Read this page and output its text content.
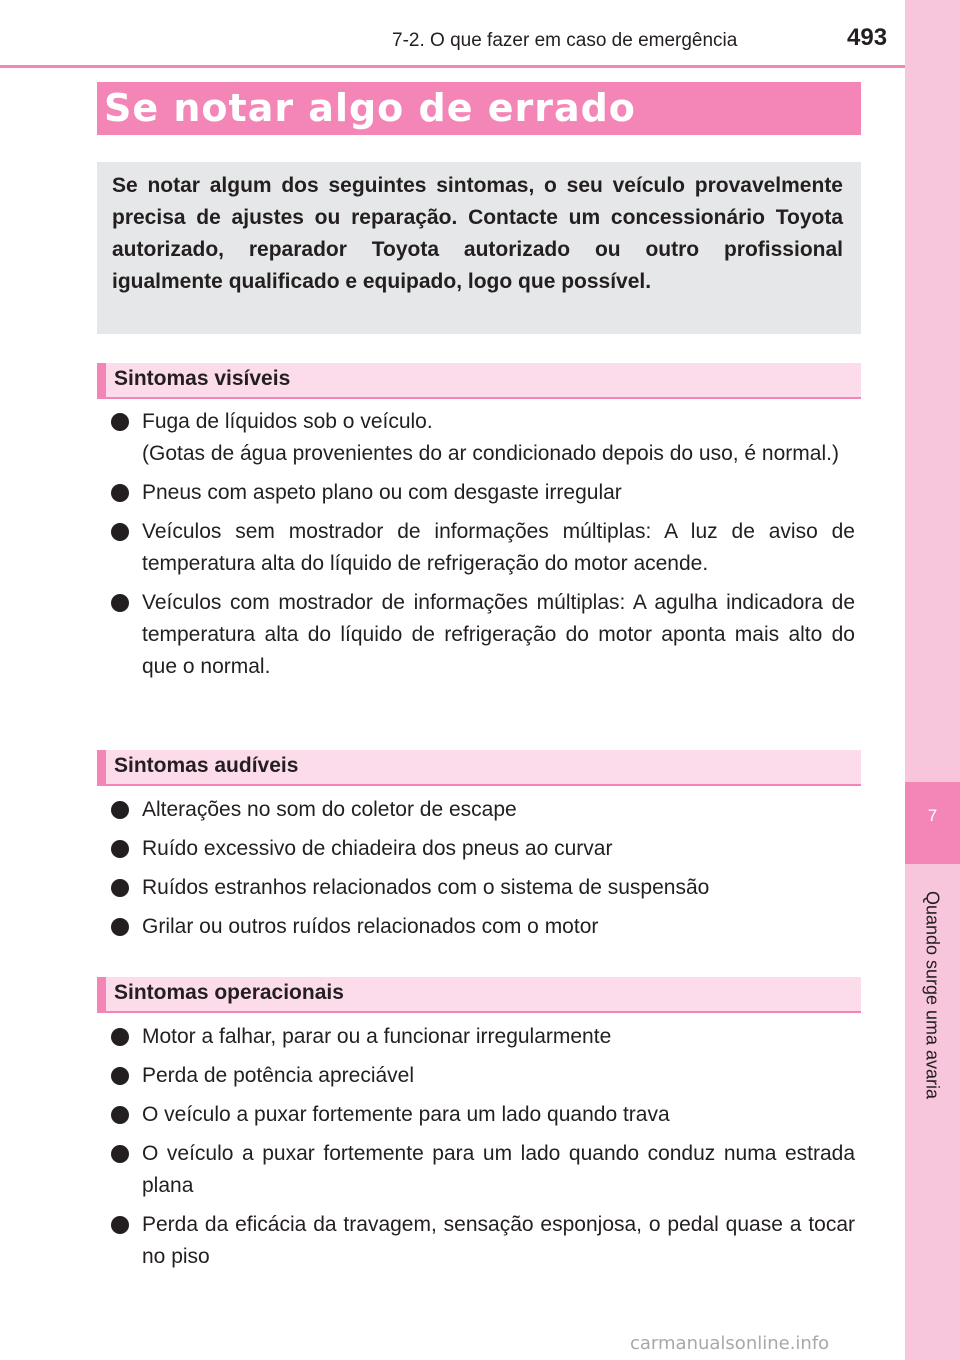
7-2. O que fazer em caso de emergência	493
7
Quando surge uma avaria
Se notar algo de errado
Se notar algum dos seguintes sintomas, o seu veículo provavelmente precisa de ajustes ou reparação. Contacte um concessionário Toyota autorizado, reparador Toyota autorizado ou outro profissional igualmente qualificado e equipado, logo que possível.
Sintomas visíveis
Fuga de líquidos sob o veículo.
(Gotas de água provenientes do ar condicionado depois do uso, é normal.)
Pneus com aspeto plano ou com desgaste irregular
Veículos sem mostrador de informações múltiplas: A luz de aviso de temperatura alta do líquido de refrigeração do motor acende.
Veículos com mostrador de informações múltiplas: A agulha indicadora de temperatura alta do líquido de refrigeração do motor aponta mais alto do que o normal.
Sintomas audíveis
Alterações no som do coletor de escape
Ruído excessivo de chiadeira dos pneus ao curvar
Ruídos estranhos relacionados com o sistema de suspensão
Grilar ou outros ruídos relacionados com o motor
Sintomas operacionais
Motor a falhar, parar ou a funcionar irregularmente
Perda de potência apreciável
O veículo a puxar fortemente para um lado quando trava
O veículo a puxar fortemente para um lado quando conduz numa estrada plana
Perda da eficácia da travagem, sensação esponjosa, o pedal quase a tocar no piso
carmanualsonline.info
